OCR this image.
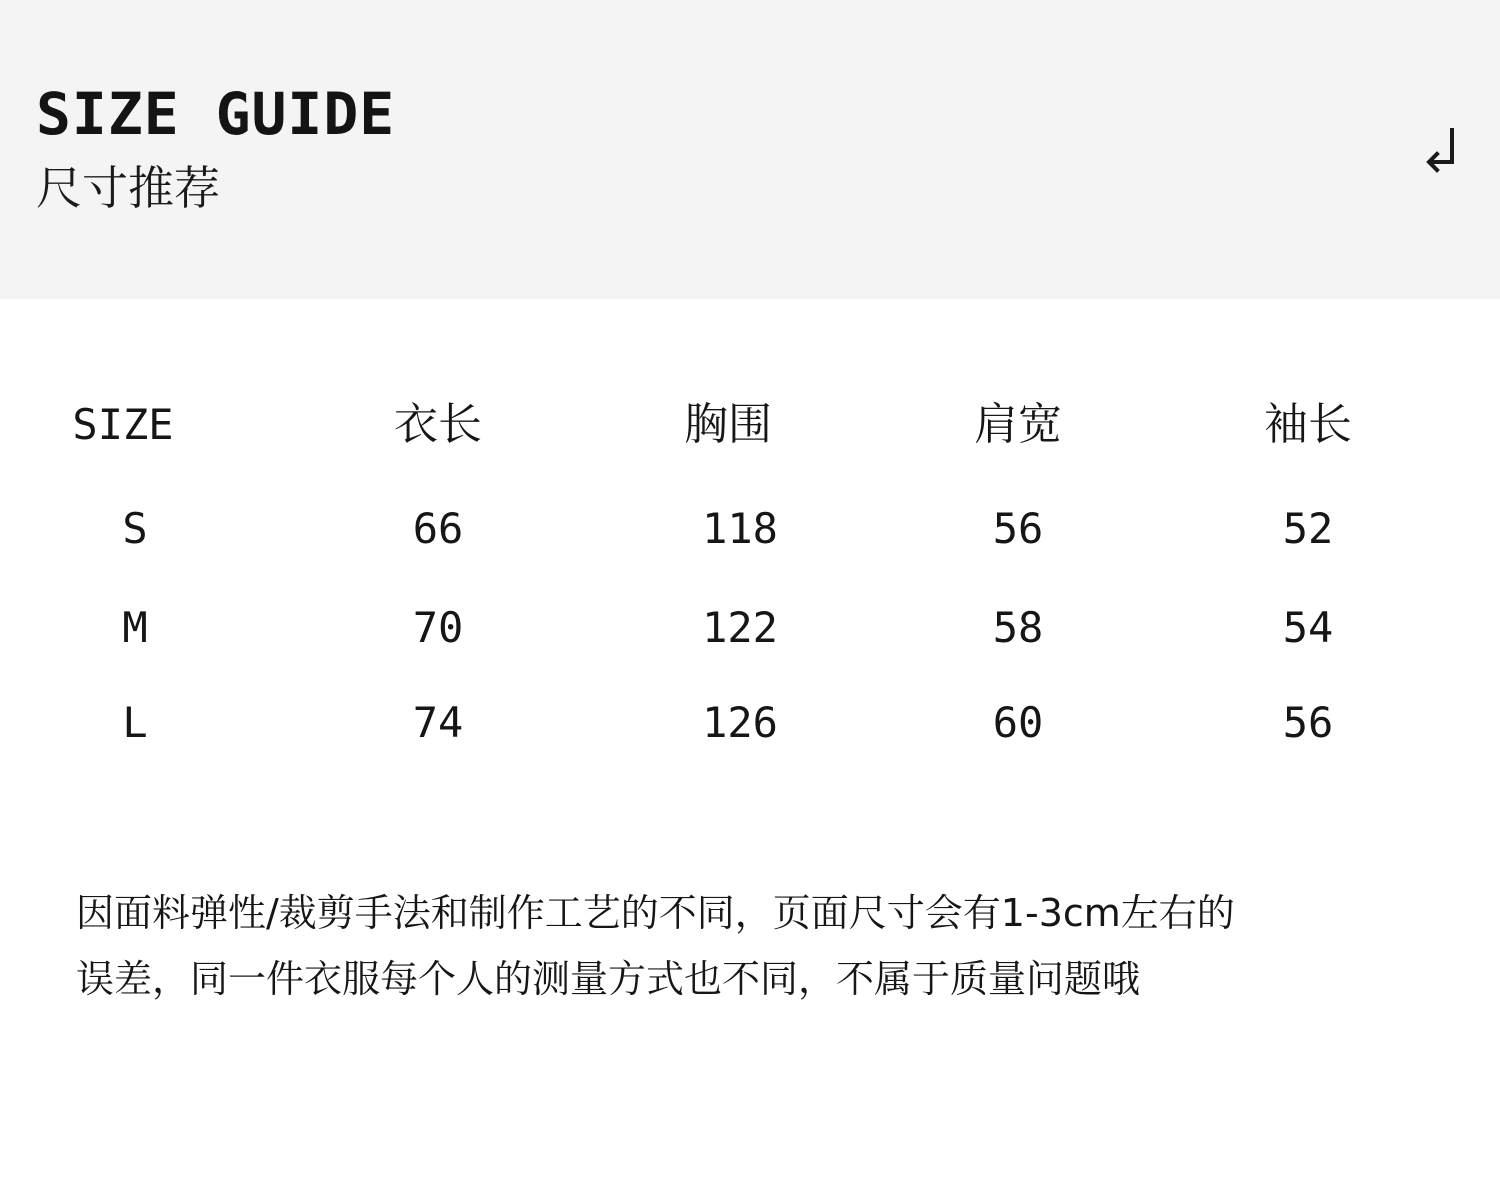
SIZE GUIDE
尺寸推荐
SIZE	衣长	胸围	肩宽	袖长
S	66	118	56	52
M	70	122	58	54
L	74	126	60	56
因面料弹性/裁剪手法和制作工艺的不同，页面尺寸会有1-3cm左右的
误差，同一件衣服每个人的测量方式也不同，不属于质量问题哦
